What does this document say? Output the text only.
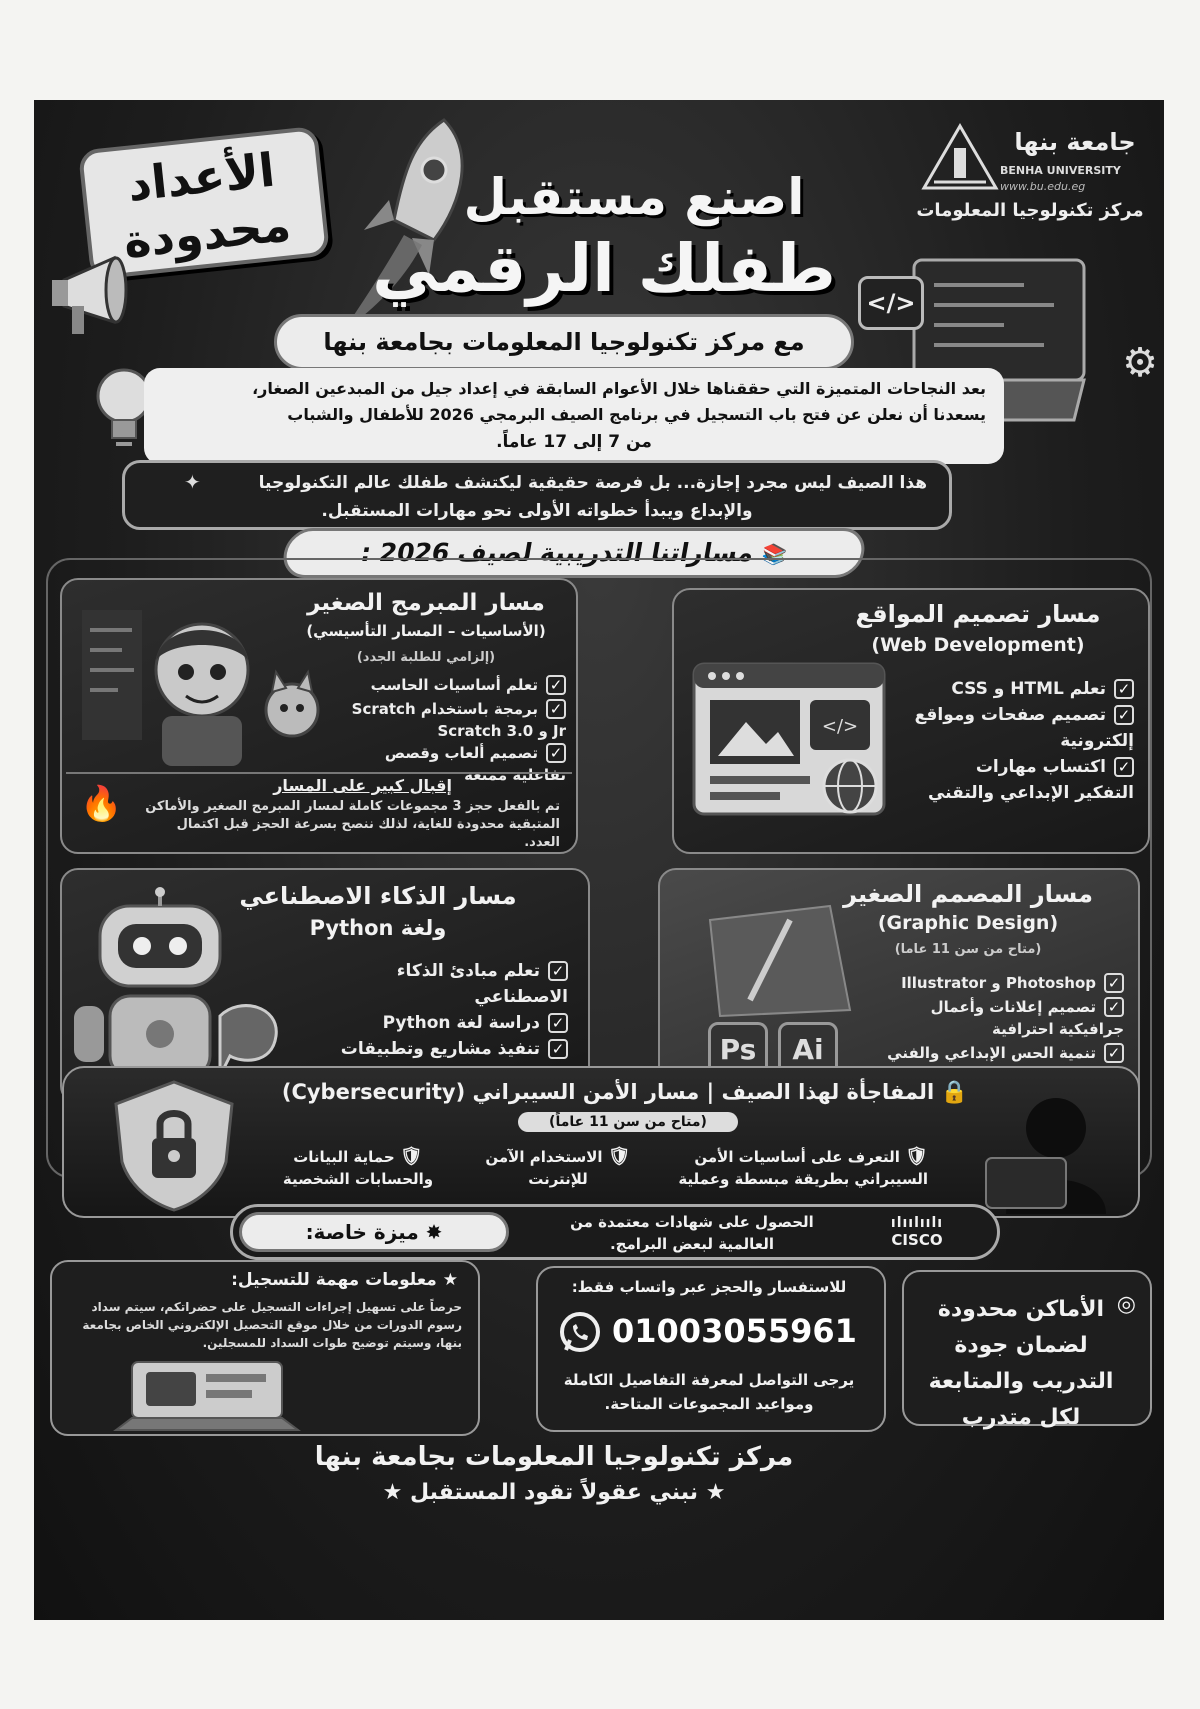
جامعة بنها
BENHA UNIVERSITY
www.bu.edu.eg
مركز تكنولوجيا المعلومات
الأعداد
محدودة
اصنع مستقبل
طفلك الرقمي
مع مركز تكنولوجيا المعلومات بجامعة بنها
</>
⚙
بعد النجاحات المتميزة التي حققناها خلال الأعوام السابقة في إعداد جيل من المبدعين الصغار،
يسعدنا أن نعلن عن فتح باب التسجيل في برنامج الصيف البرمجي 2026 للأطفال والشباب
من 7 إلى 17 عاماً.
هذا الصيف ليس مجرد إجازة... بل فرصة حقيقية ليكتشف طفلك عالم التكنولوجيا
والإبداع ويبدأ خطواته الأولى نحو مهارات المستقبل.
✦
📚 مساراتنا التدريبية لصيف 2026 :
مسار تصميم المواقع
(Web Development)
✓تعلم HTML و CSS
✓تصميم صفحات ومواقع إلكترونية
✓اكتساب مهارات التفكير الإبداعي والتقني
</>
مسار المبرمج الصغير
(الأساسيات – المسار التأسيسي)
(إلزامي للطلبة الجدد)
✓تعلم أساسيات الحاسب
✓برمجة باستخدام Scratch Jr و Scratch 3.0
✓تصميم ألعاب وقصص تفاعلية ممتعة
🔥	إقبال كبير على المسار
تم بالفعل حجز 3 مجموعات كاملة لمسار المبرمج الصغير والأماكن المتبقية محدودة للغاية، لذلك ننصح بسرعة الحجز قبل اكتمال العدد.
مسار المصمم الصغير
(Graphic Design)
(متاح من سن 11 عاما)
✓Photoshop و Illustrator
✓تصميم إعلانات وأعمال جرافيكية احترافية
✓تنمية الحس الإبداعي والفني
Ps	Ai
مسار الذكاء الاصطناعي
ولغة Python
✓تعلم مبادئ الذكاء الاصطناعي
✓دراسة لغة Python
✓تنفيذ مشاريع وتطبيقات
المفاجأة لهذا الصيف | مسار الأمن السيبراني (Cybersecurity) 🔒
(متاح من سن 11 عاماً)
🛡 التعرف على أساسيات الأمن السيبراني بطريقة مبسطة وعملية
🛡 الاستخدام الآمن للإنترنت
🛡 حماية البيانات والحسابات الشخصية
✸ ميزة خاصة:	الحصول على شهادات معتمدة من العالمية لبعض البرامج.
ılıılıılı
CISCO
◎
الأماكن محدودة لضمان جودة التدريب والمتابعة لكل متدرب
للاستفسار والحجز عبر واتساب فقط:
01003055961
يرجى التواصل لمعرفة التفاصيل الكاملة ومواعيد المجموعات المتاحة.
★ معلومات مهمة للتسجيل:
حرصاً على تسهيل إجراءات التسجيل على حضراتكم، سيتم سداد رسوم الدورات من خلال موقع التحصيل الإلكتروني الخاص بجامعة بنها، وسيتم توضيح طوات السداد للمسجلين.
مركز تكنولوجيا المعلومات بجامعة بنها
★ نبني عقولاً تقود المستقبل ★
